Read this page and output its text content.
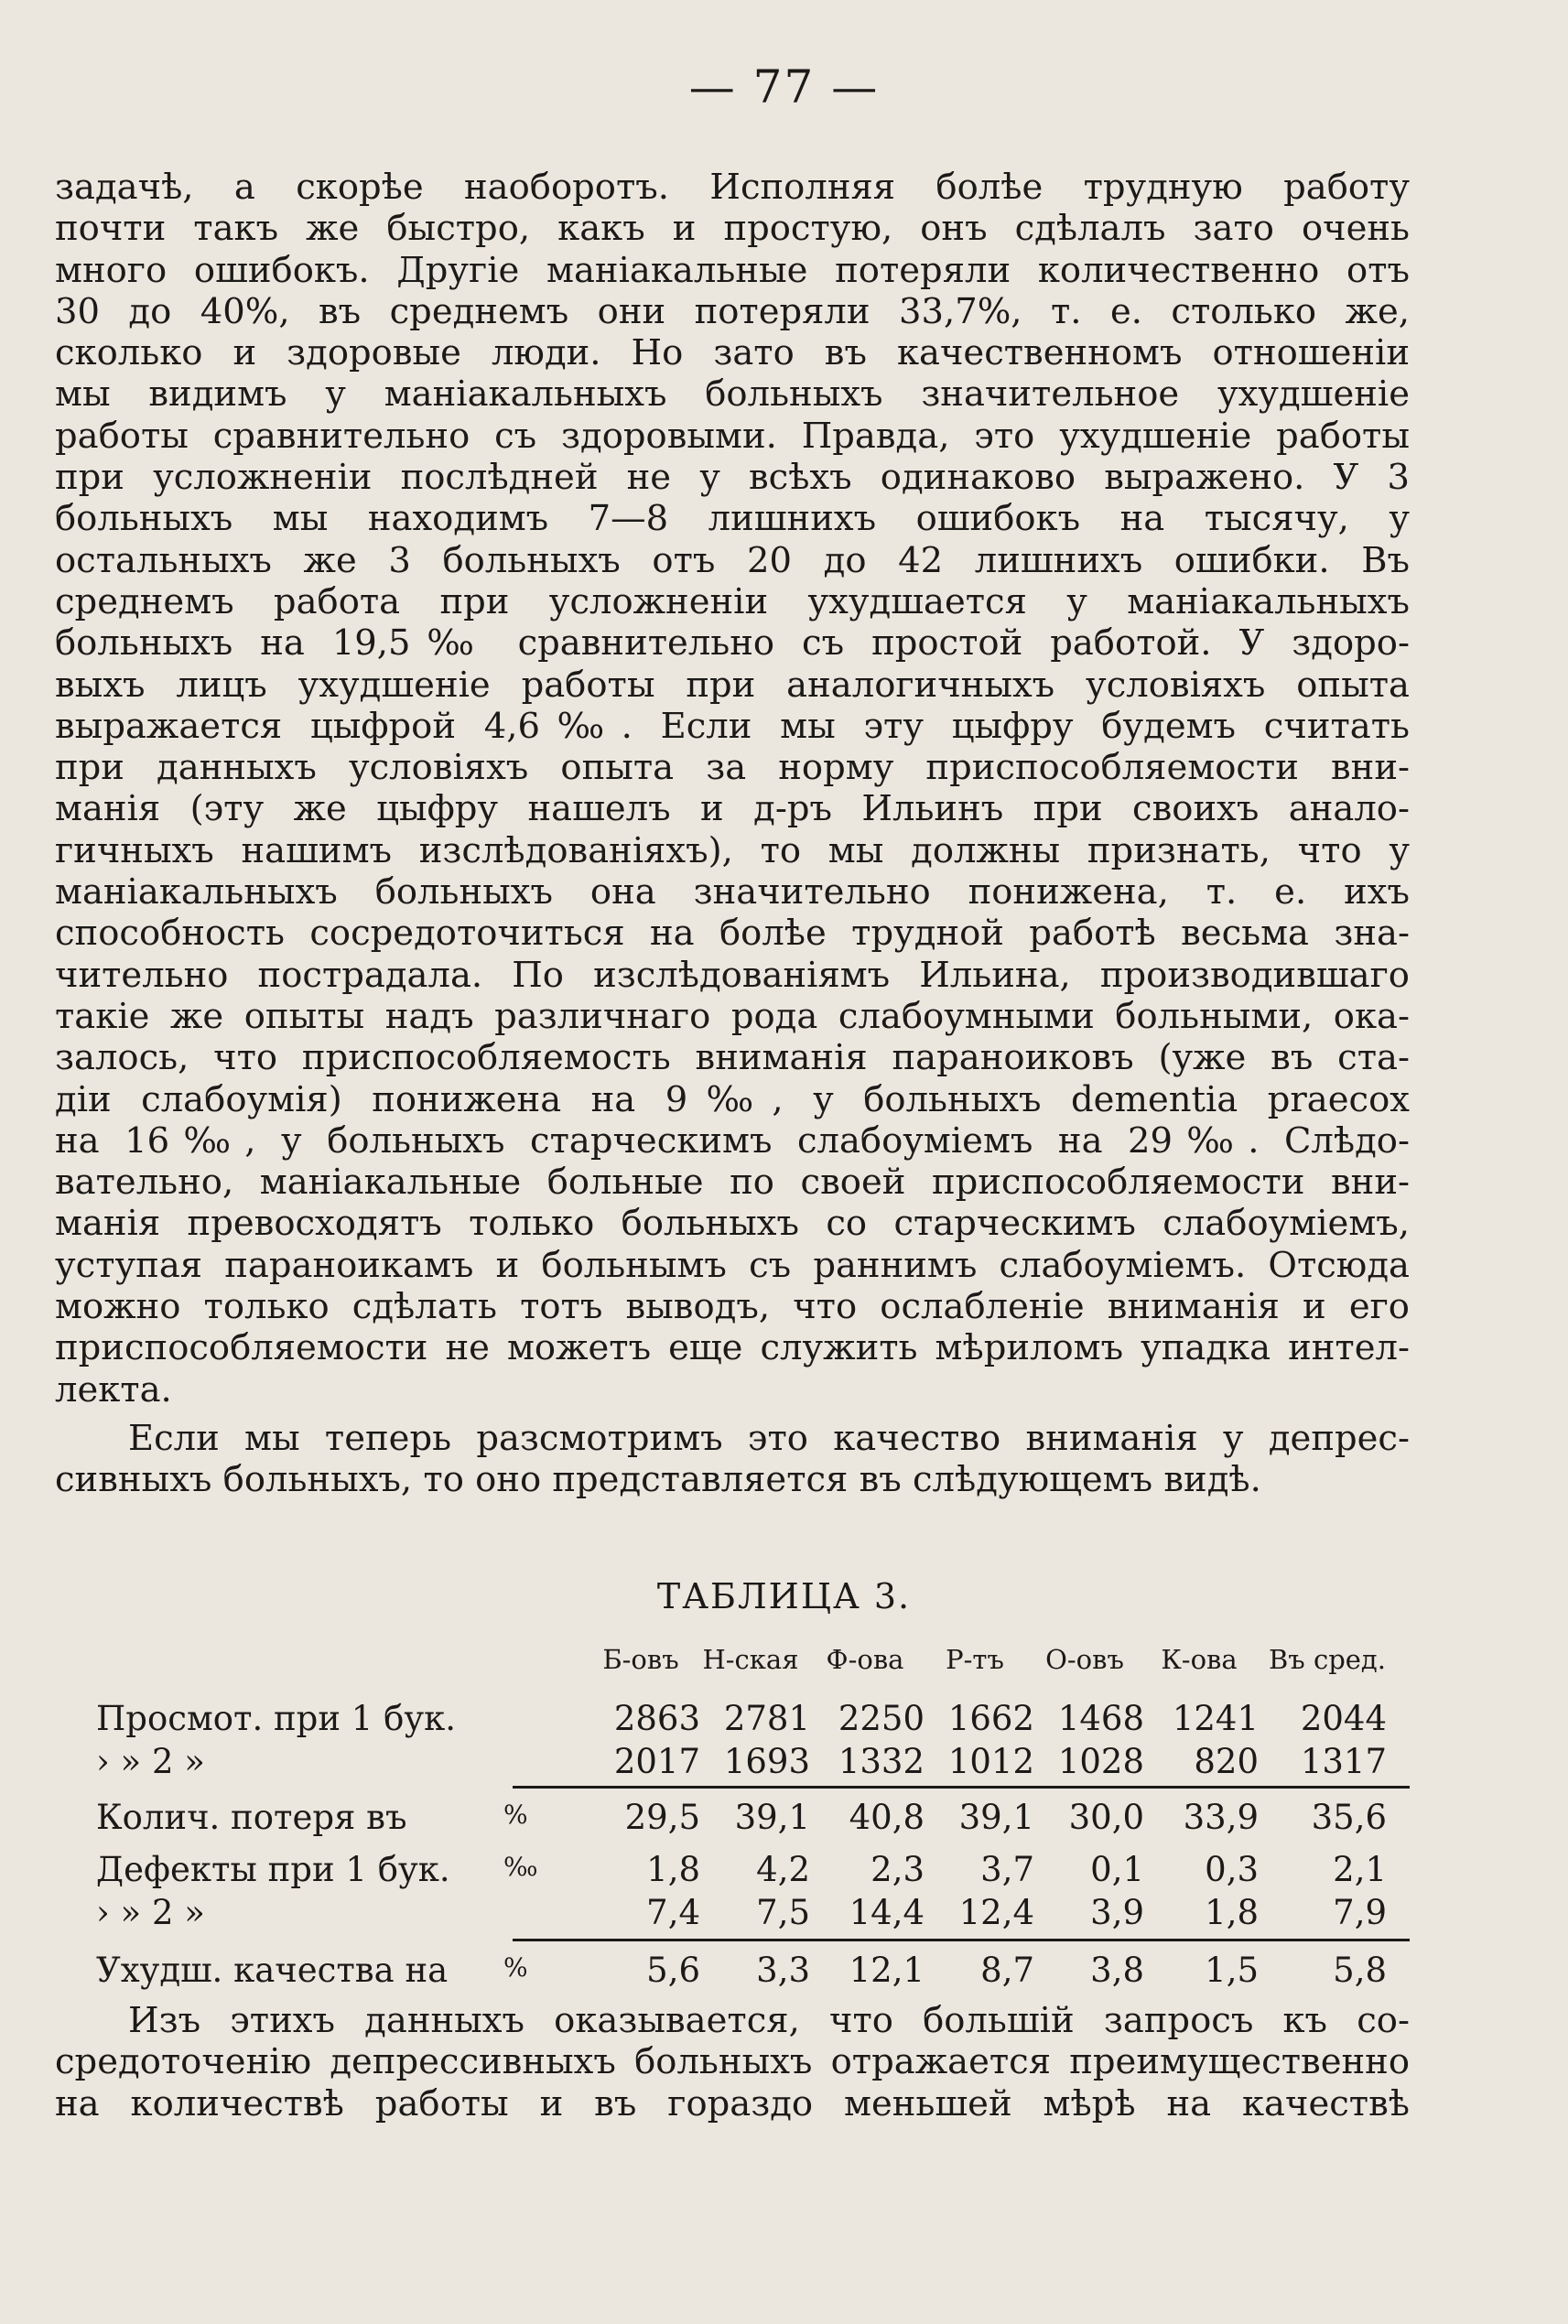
— 77 —
задачѣ, а скорѣе наоборотъ. Исполняя болѣе трудную работу
почти такъ же быстро, какъ и простую, онъ сдѣлалъ зато очень
много ошибокъ. Другіе маніакальные потеряли количественно отъ
30 до 40%, въ среднемъ они потеряли 33,7%, т. е. столько же,
сколько и здоровые люди. Но зато въ качественномъ отношеніи
мы видимъ у маніакальныхъ больныхъ значительное ухудшеніе
работы сравнительно съ здоровыми. Правда, это ухудшеніе работы
при усложненіи послѣдней не у всѣхъ одинаково выражено. У 3
больныхъ мы находимъ 7—8 лишнихъ ошибокъ на тысячу, у
остальныхъ же 3 больныхъ отъ 20 до 42 лишнихъ ошибки. Въ
среднемъ работа при усложненіи ухудшается у маніакальныхъ
больныхъ на 19,5‰ сравнительно съ простой работой. У здоро-
выхъ лицъ ухудшеніе работы при аналогичныхъ условіяхъ опыта
выражается цыфрой 4,6‰. Если мы эту цыфру будемъ считать
при данныхъ условіяхъ опыта за норму приспособляемости вни-
манія (эту же цыфру нашелъ и д-ръ Ильинъ при своихъ анало-
гичныхъ нашимъ изслѣдованіяхъ), то мы должны признать, что у
маніакальныхъ больныхъ она значительно понижена, т. е. ихъ
способность сосредоточиться на болѣе трудной работѣ весьма зна-
чительно пострадала. По изслѣдованіямъ Ильина, производившаго
такіе же опыты надъ различнаго рода слабоумными больными, ока-
залось, что приспособляемость вниманія параноиковъ (уже въ ста-
діи слабоумія) понижена на 9‰, у больныхъ dementia praecox
на 16‰, у больныхъ старческимъ слабоуміемъ на 29‰. Слѣдо-
вательно, маніакальные больные по своей приспособляемости вни-
манія превосходятъ только больныхъ со старческимъ слабоуміемъ,
уступая параноикамъ и больнымъ съ раннимъ слабоуміемъ. Отсюда
можно только сдѣлать тотъ выводъ, что ослабленіе вниманія и его
приспособляемости не можетъ еще служить мѣриломъ упадка интел-
лекта.
Если мы теперь разсмотримъ это качество вниманія у депрес-
сивныхъ больныхъ, то оно представляется въ слѣдующемъ видѣ.
ТАБЛИЦА 3.
Б-овъ Н-ская	Ф-ова	Р-тъ	О-овъ	К-ова	Въ сред.
Просмот. при 1 бук.	2863 2781 2250 1662 1468 1241	2044
› » 2 »	2017 1693 1332 1012 1028	820	1317
Колич. потеря въ	%	29,5	39,1	40,8	39,1	30,0	33,9	35,6
Дефекты при 1 бук. ‰	1,8	4,2	2,3	3,7	0,1	0,3	2,1
› » 2 »	7,4	7,5	14,4	12,4	3,9	1,8	7,9
Ухудш. качества на %	5,6	3,3	12,1	8,7	3,8	1,5	5,8
Изъ этихъ данныхъ оказывается, что большій запросъ къ со-
средоточенію депрессивныхъ больныхъ отражается преимущественно
на количествѣ работы и въ гораздо меньшей мѣрѣ на качествѣ
